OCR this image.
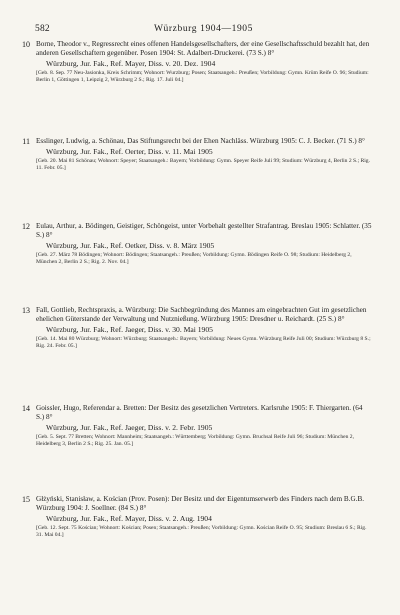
582	Würzburg 1904—1905
10 Borne, Theodor v., Regressrecht eines offenen Handelsgesellschafters, der eine Gesellschaftsschuld bezahlt hat, den anderen Gesellschaftern gegenüber. Posen 1904: St. Adalbert-Druckerei. (73 S.) 8°
Würzburg, Jur. Fak., Ref. Mayer, Diss. v. 20. Dez. 1904
[Geb. 8. Sep. 77 Neu-Jasionka, Kreis Schrimm; Wohnort: Wurzburg; Posen; Staatsangeh.: Preußen; Vorbildung: Gymn. Krüm Reife O. 96; Studium: Berlin 1, Göttingen 1, Leipzig 2, Würzburg 2 S.; Rig. 17. Juli 04.]
11 Esslinger, Ludwig, a. Schönau, Das Stiftungsrecht bei der Ehen Nachläss. Würzburg 1905: C. J. Becker. (71 S.) 8°
Würzburg, Jur. Fak., Ref. Oerter, Diss. v. 11. Mai 1905
[Geb. 20. Mai 81 Schönau; Wohnort: Speyer; Staatsangeh.: Bayern; Vorbildung: Gymn. Speyer Reife Juli 99; Studium: Würzburg 4, Berlin 2 S.; Rig. 11. Febr. 05.]
12 Eulau, Arthur, a. Bödingen, Geistiger, Schöngeist, unter Vorbehalt gestellter Strafantrag. Breslau 1905: Schlatter. (35 S.) 8°
Würzburg, Jur. Fak., Ref. Oetker, Diss. v. 8. März 1905
[Geb. 27. März 78 Bödingen; Wohnort: Bödingen; Staatsangeh.: Preußen; Vorbildung: Gymn. Bödingen Reife O. 98; Studium: Heidelberg 2, München 2, Berlin 2 S.; Rig. 2. Nov. 04.]
13 Fall, Gottlieb, Rechtspraxis, a. Würzburg: Die Sachbegründung des Mannes am eingebrachten Gut im gesetzlichen ehelichen Güterstande der Verwaltung und Nutznießung. Würzburg 1905: Dresdner u. Reichardt. (25 S.) 8°
Würzburg, Jur. Fak., Ref. Jaeger, Diss. v. 30. Mai 1905
[Geb. 14. Mai 80 Würzburg; Wohnort: Würzburg; Staatsangeh.: Bayern; Vorbildung: Neues Gymn. Würzburg Reife Juli 00; Studium: Würzburg 8 S.; Rig. 24. Febr. 05.]
14 Goissler, Hugo, Referendar a. Bretten: Der Besitz des gesetzlichen Vertreters. Karlsruhe 1905: F. Thiergarten. (64 S.) 8°
Würzburg, Jur. Fak., Ref. Jaeger, Diss. v. 2. Febr. 1905
[Geb. 5. Sept. 77 Bretten; Wohnort: Mannheim; Staatsangeh.: Württemberg; Vorbildung: Gymn. Bruchsal Reife Juli 96; Studium: München 2, Heidelberg 3, Berlin 2 S.; Rig. 25. Jan. 05.]
15 Głżyński, Stanisław, a. Kościan (Prov. Posen): Der Besitz und der Eigentumserwerb des Finders nach dem B.G.B. Würzburg 1904: J. Soellner. (84 S.) 8°
Würzburg, Jur. Fak., Ref. Mayer, Diss. v. 2. Aug. 1904
[Geb. 12. Sept. 75 Kościan; Wohnort: Kościan; Posen; Staatsangeh.: Preußen; Vorbildung: Gymn. Kościan Reife O. 95; Studium: Breslau 6 S.; Rig. 31. Mai 04.]
